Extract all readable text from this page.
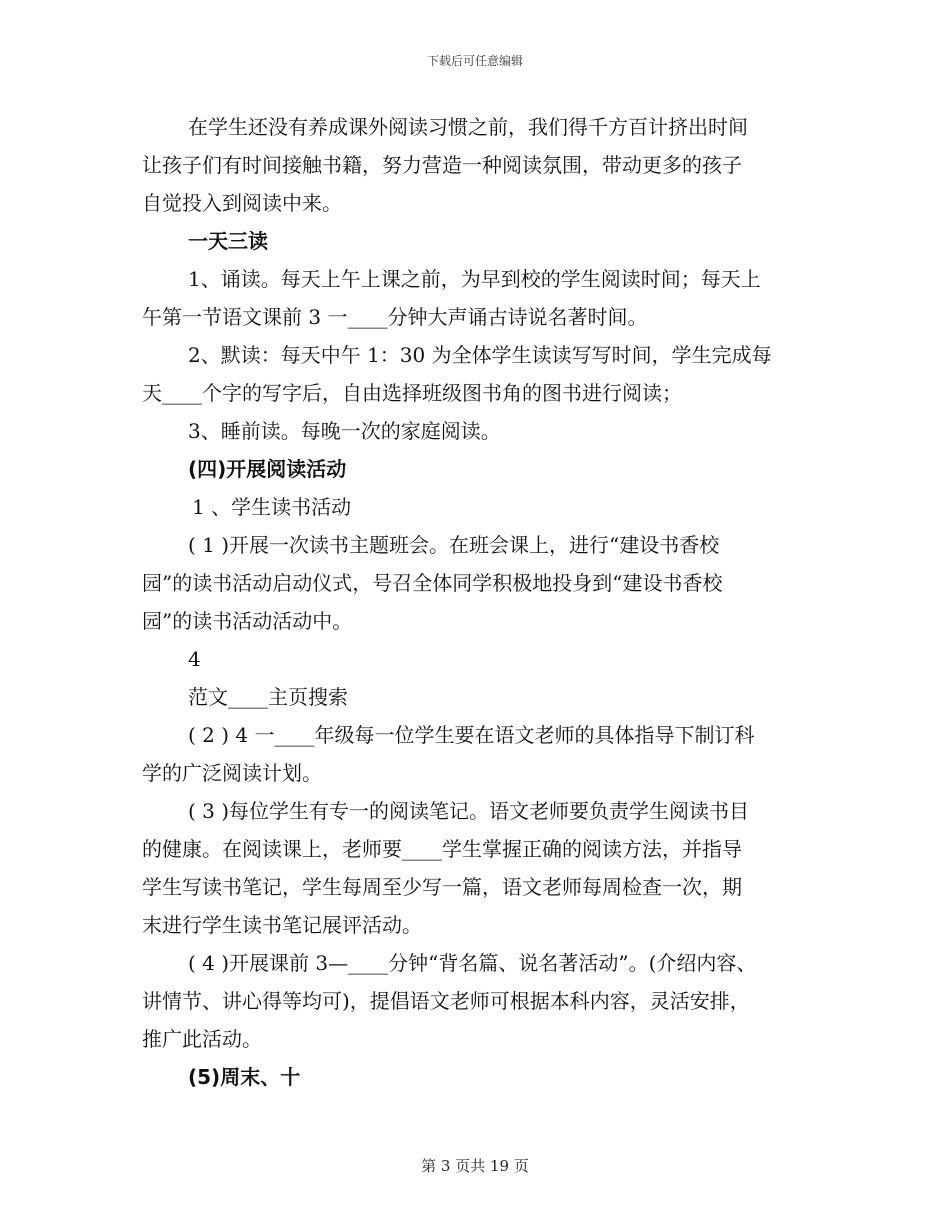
下载后可任意编辑

在学生还没有养成课外阅读习惯之前，我们得千方百计挤出时间

让孩子们有时间接触书籍，努力营造一种阅读氛围，带动更多的孩子

自觉投入到阅读中来。

一天三读

1、诵读。每天上午上课之前，为早到校的学生阅读时间；每天上

午第一节语文课前 3 一____分钟大声诵古诗说名著时间。

2、默读：每天中午 1：30 为全体学生读读写写时间，学生完成每

天____个字的写字后，自由选择班级图书角的图书进行阅读；

3、睡前读。每晚一次的家庭阅读。

(四)开展阅读活动

1 、学生读书活动

( 1 )开展一次读书主题班会。在班会课上，进行“建设书香校

园”的读书活动启动仪式，号召全体同学积极地投身到“建设书香校

园”的读书活动活动中。

4

范文____主页搜索

( 2 ) 4 一____年级每一位学生要在语文老师的具体指导下制订科

学的广泛阅读计划。

( 3 )每位学生有专一的阅读笔记。语文老师要负责学生阅读书目

的健康。在阅读课上，老师要____学生掌握正确的阅读方法，并指导

学生写读书笔记，学生每周至少写一篇，语文老师每周检查一次，期

末进行学生读书笔记展评活动。

( 4 )开展课前 3—____分钟“背名篇、说名著活动”。(介绍内容、

讲情节、讲心得等均可)，提倡语文老师可根据本科内容，灵活安排，

推广此活动。

(5)周末、十

第 3 页共 19 页
